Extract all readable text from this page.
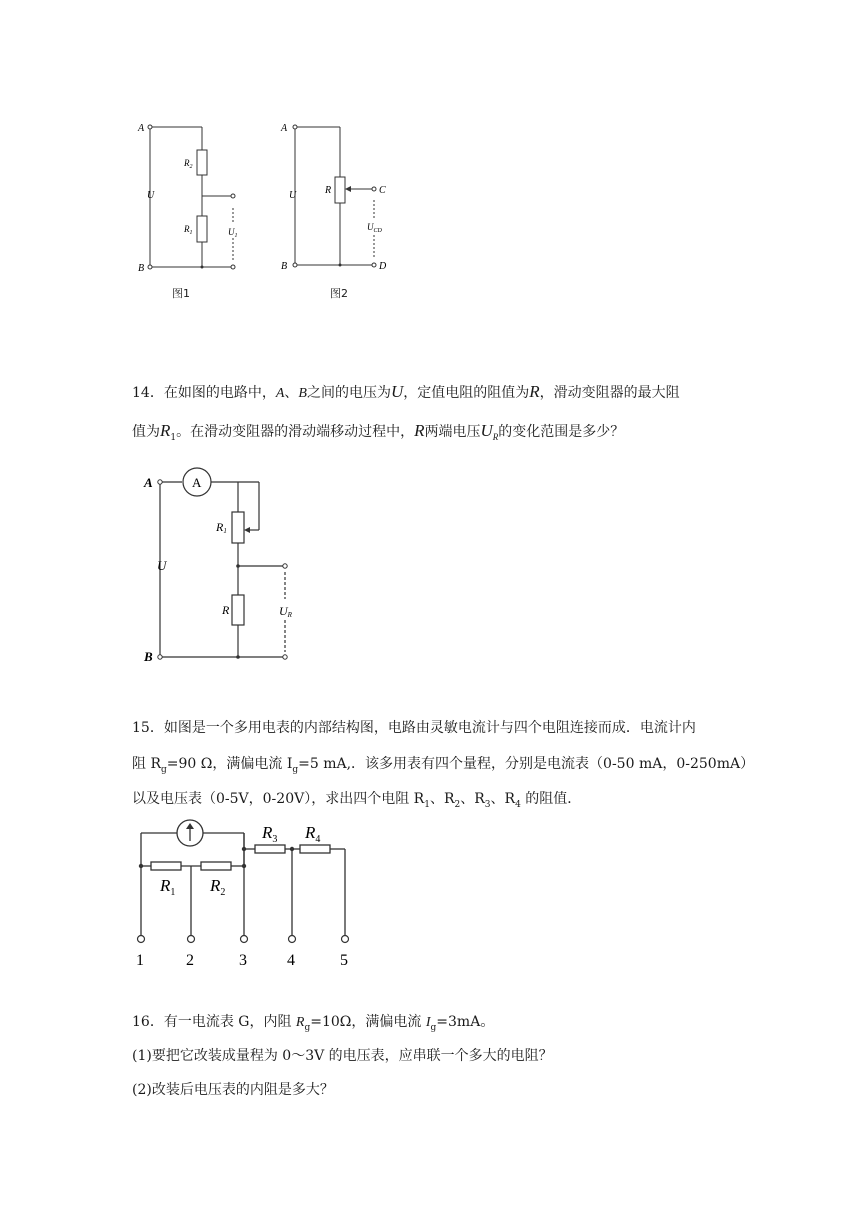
A
B
U
$R_2$
$R_1$	$U_1$
图1
A
B
U	R	C
D
$U_{CD}$
图2
14．在如图的电路中，A、B之间的电压为U，定值电阻的阻值为R，滑动变阻器的最大阻
值为$R_1$。在滑动变阻器的滑动端移动过程中，R两端电压$U_R$的变化范围是多少？
A
A
B
U
R1
R	UR
15．如图是一个多用电表的内部结构图，电路由灵敏电流计与四个电阻连接而成．电流计内
阻 $R_g=90$ Ω，满偏电流 $I_g=5$ mA,．该多用表有四个量程，分别是电流表（0-50 mA，0-250mA）
以及电压表（0-5V，0-20V），求出四个电阻 $R_1$、$R_2$、$R_3$、$R_4$ 的阻值．
$R_1$ $R_2$
$R_3$ $R_4$
1	2	3	4	5
16．有一电流表 G，内阻 $R_g=10\Omega$，满偏电流 $I_g=3mA$。
(1)要把它改装成量程为 0～3V 的电压表，应串联一个多大的电阻？
(2)改装后电压表的内阻是多大？
